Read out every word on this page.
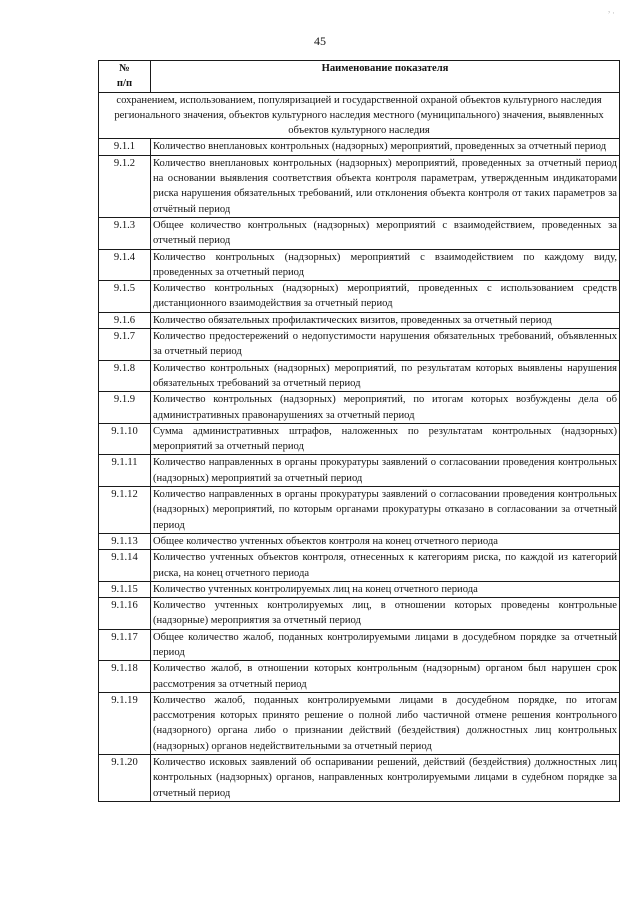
45
№
п/п	Наименование показателя
сохранением, использованием, популяризацией и государственной охраной объектов культурного наследия регионального значения, объектов культурного наследия местного (муниципального) значения, выявленных объектов культурного наследия	
9.1.1	Количество внеплановых контрольных (надзорных) мероприятий, проведенных за отчетный период
9.1.2	Количество внеплановых контрольных (надзорных) мероприятий, проведенных за отчетный период на основании выявления соответствия объекта контроля параметрам, утвержденным индикаторами риска нарушения обязательных требований, или отклонения объекта контроля от таких параметров за отчётный период
9.1.3	Общее количество контрольных (надзорных) мероприятий с взаимодействием, проведенных за отчетный период
9.1.4	Количество контрольных (надзорных) мероприятий с взаимодействием по каждому виду, проведенных за отчетный период
9.1.5	Количество контрольных (надзорных) мероприятий, проведенных с использованием средств дистанционного взаимодействия за отчетный период
9.1.6	Количество обязательных профилактических визитов, проведенных за отчетный период
9.1.7	Количество предостережений о недопустимости нарушения обязательных требований, объявленных за отчетный период
9.1.8	Количество контрольных (надзорных) мероприятий, по результатам которых выявлены нарушения обязательных требований за отчетный период
9.1.9	Количество контрольных (надзорных) мероприятий, по итогам которых возбуждены дела об административных правонарушениях за отчетный период
9.1.10	Сумма административных штрафов, наложенных по результатам контрольных (надзорных) мероприятий за отчетный период
9.1.11	Количество направленных в органы прокуратуры заявлений о согласовании проведения контрольных (надзорных) мероприятий за отчетный период
9.1.12	Количество направленных в органы прокуратуры заявлений о согласовании проведения контрольных (надзорных) мероприятий, по которым органами прокуратуры отказано в согласовании за отчетный период
9.1.13	Общее количество учтенных объектов контроля на конец отчетного периода
9.1.14	Количество учтенных объектов контроля, отнесенных к категориям риска, по каждой из категорий риска, на конец отчетного периода
9.1.15	Количество учтенных контролируемых лиц на конец отчетного периода
9.1.16	Количество учтенных контролируемых лиц, в отношении которых проведены контрольные (надзорные) мероприятия за отчетный период
9.1.17	Общее количество жалоб, поданных контролируемыми лицами в досудебном порядке за отчетный период
9.1.18	Количество жалоб, в отношении которых контрольным (надзорным) органом был нарушен срок рассмотрения за отчетный период
9.1.19	Количество жалоб, поданных контролируемыми лицами в досудебном порядке, по итогам рассмотрения которых принято решение о полной либо частичной отмене решения контрольного (надзорного) органа либо о признании действий (бездействия) должностных лиц контрольных (надзорных) органов недействительными за отчетный период
9.1.20	Количество исковых заявлений об оспаривании решений, действий (бездействия) должностных лиц контрольных (надзорных) органов, направленных контролируемыми лицами в судебном порядке за отчетный период
, ·
